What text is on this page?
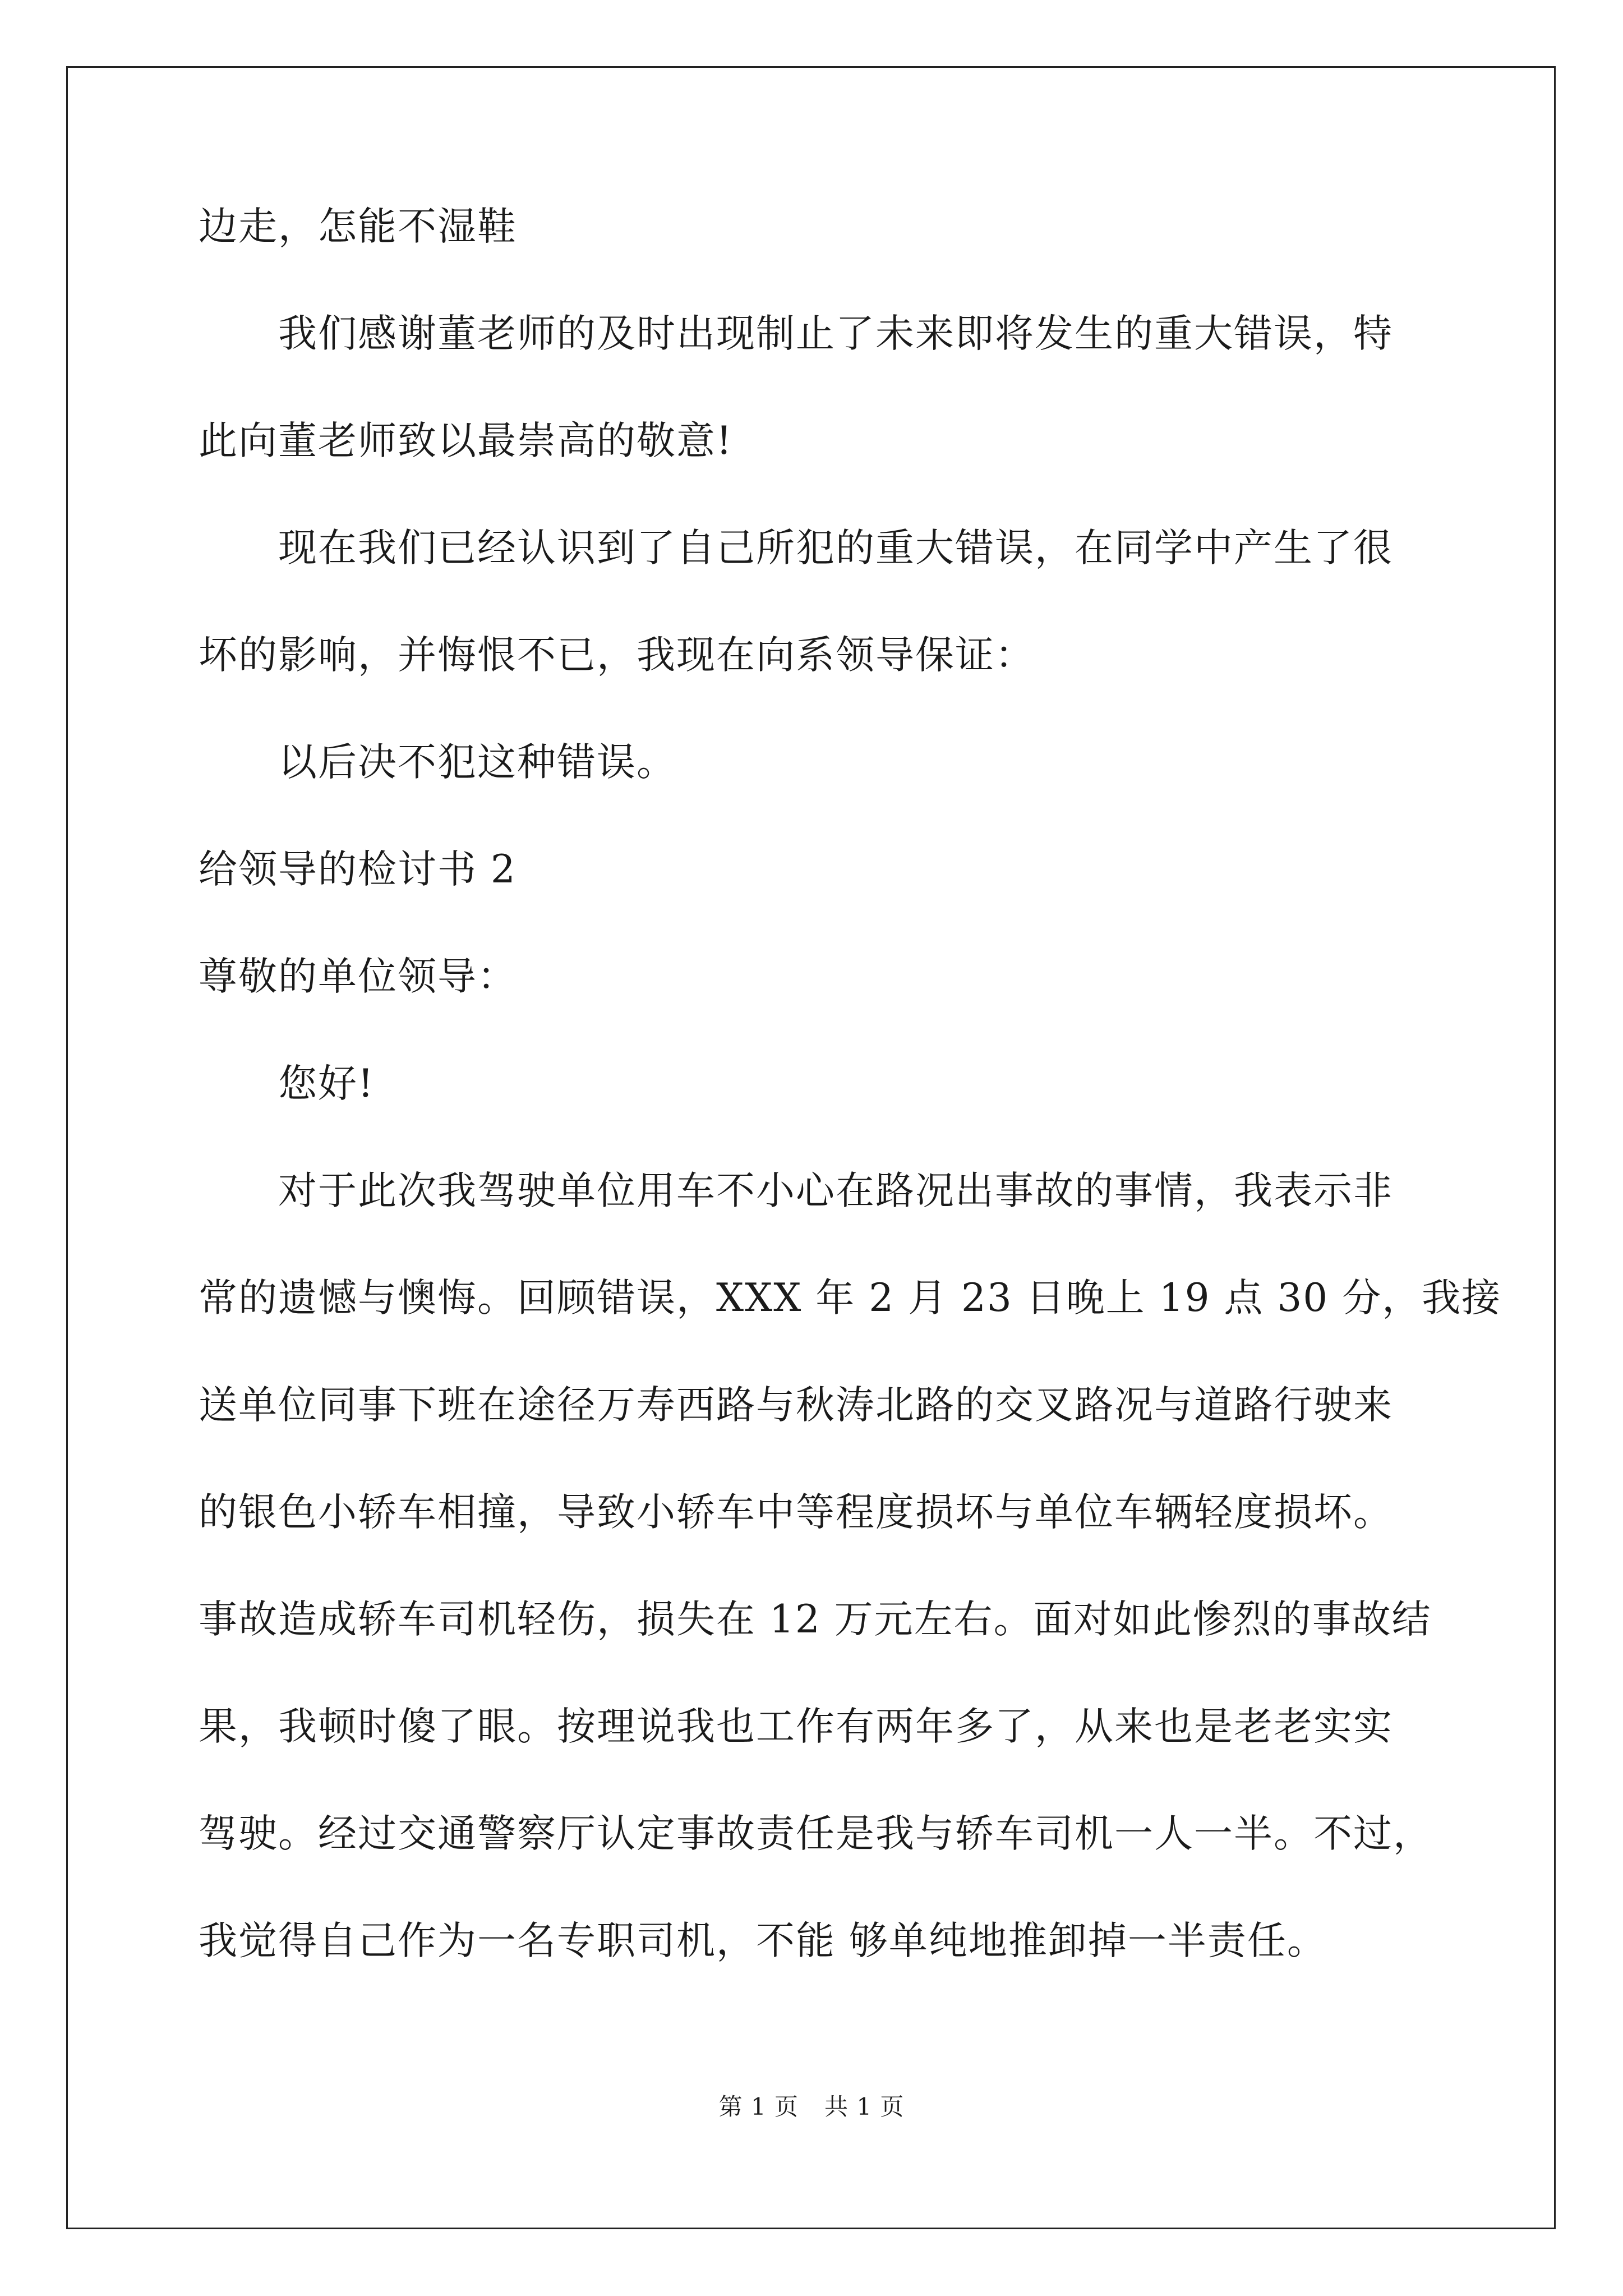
边走，怎能不湿鞋
我们感谢董老师的及时出现制止了未来即将发生的重大错误，特
此向董老师致以最崇高的敬意!
现在我们已经认识到了自己所犯的重大错误，在同学中产生了很
坏的影响，并悔恨不已，我现在向系领导保证：
以后决不犯这种错误。
给领导的检讨书 2
尊敬的单位领导：
您好!
对于此次我驾驶单位用车不小心在路况出事故的事情，我表示非
常的遗憾与懊悔。回顾错误，XXX 年 2 月 23 日晚上 19 点 30 分，我接
送单位同事下班在途径万寿西路与秋涛北路的交叉路况与道路行驶来
的银色小轿车相撞，导致小轿车中等程度损坏与单位车辆轻度损坏。
事故造成轿车司机轻伤，损失在 12 万元左右。面对如此惨烈的事故结
果，我顿时傻了眼。按理说我也工作有两年多了，从来也是老老实实
驾驶。经过交通警察厅认定事故责任是我与轿车司机一人一半。不过，
我觉得自己作为一名专职司机，不能 够单纯地推卸掉一半责任。
第 1 页 共 1 页
